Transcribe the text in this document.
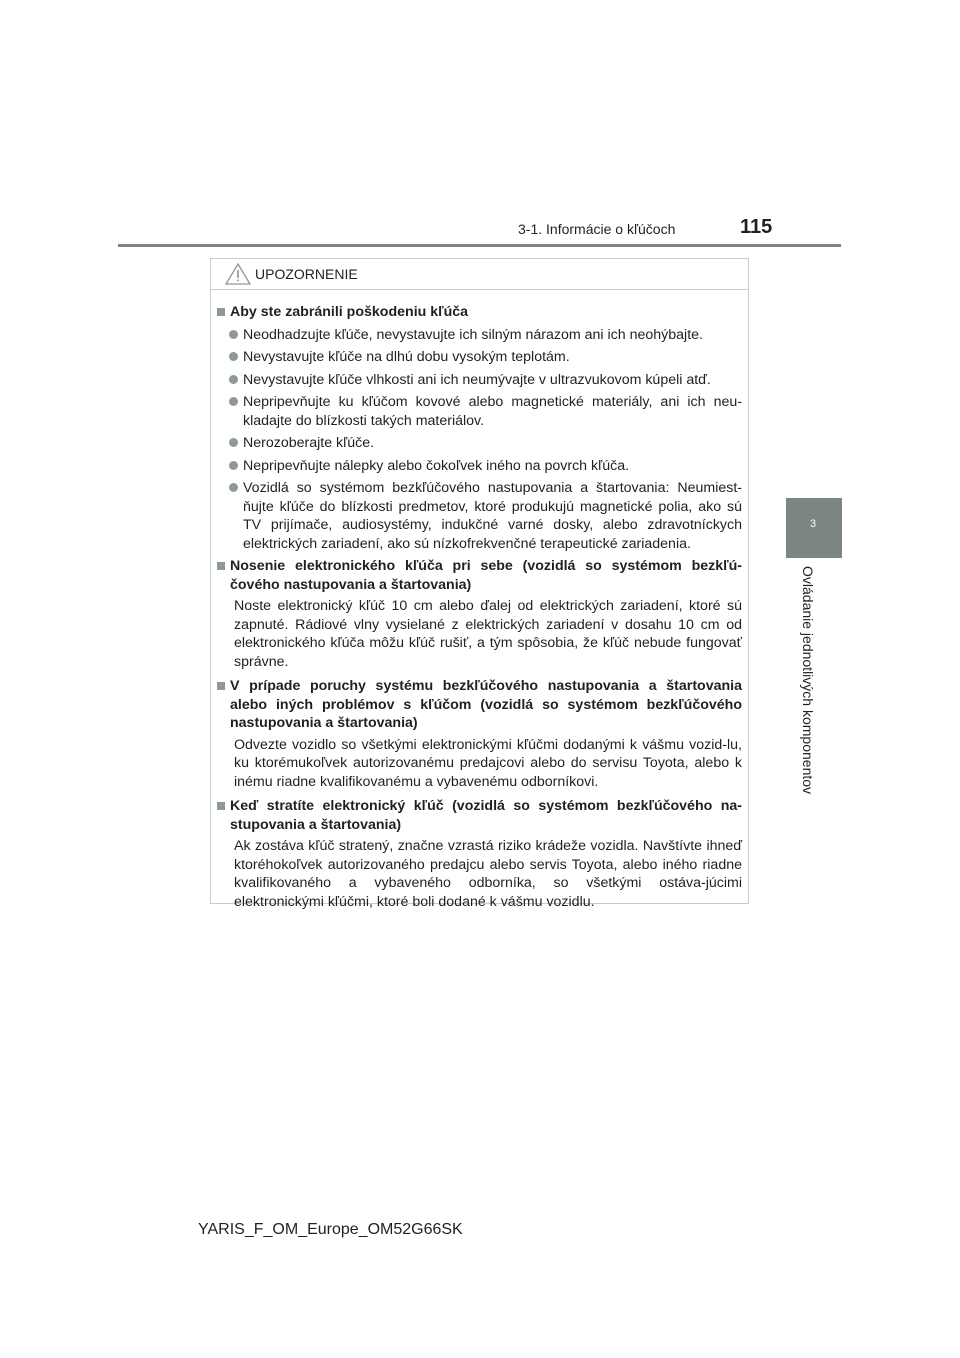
3-1. Informácie o kľúčoch	115
3
Ovládanie jednotlivých komponentov
UPOZORNENIE
Aby ste zabránili poškodeniu kľúča
Neodhadzujte kľúče, nevystavujte ich silným nárazom ani ich neohýbajte.
Nevystavujte kľúče na dlhú dobu vysokým teplotám.
Nevystavujte kľúče vlhkosti ani ich neumývajte v ultrazvukovom kúpeli atď.
Nepripevňujte ku kľúčom kovové alebo magnetické materiály, ani ich neu-kladajte do blízkosti takých materiálov.
Nerozoberajte kľúče.
Nepripevňujte nálepky alebo čokoľvek iného na povrch kľúča.
Vozidlá so systémom bezkľúčového nastupovania a štartovania: Neumiest-ňujte kľúče do blízkosti predmetov, ktoré produkujú magnetické polia, ako sú TV prijímače, audiosystémy, indukčné varné dosky, alebo zdravotníckych elektrických zariadení, ako sú nízkofrekvenčné terapeutické zariadenia.
Nosenie elektronického kľúča pri sebe (vozidlá so systémom bezkľú-čového nastupovania a štartovania)
Noste elektronický kľúč 10 cm alebo ďalej od elektrických zariadení, ktoré sú zapnuté. Rádiové vlny vysielané z elektrických zariadení v dosahu 10 cm od elektronického kľúča môžu kľúč rušiť, a tým spôsobia, že kľúč nebude fungovať správne.
V prípade poruchy systému bezkľúčového nastupovania a štartovania alebo iných problémov s kľúčom (vozidlá so systémom bezkľúčového nastupovania a štartovania)
Odvezte vozidlo so všetkými elektronickými kľúčmi dodanými k vášmu vozid-lu, ku ktorémukoľvek autorizovanému predajcovi alebo do servisu Toyota, alebo k inému riadne kvalifikovanému a vybavenému odborníkovi.
Keď stratíte elektronický kľúč (vozidlá so systémom bezkľúčového na-stupovania a štartovania)
Ak zostáva kľúč stratený, značne vzrastá riziko krádeže vozidla. Navštívte ihneď ktoréhokoľvek autorizovaného predajcu alebo servis Toyota, alebo iného riadne kvalifikovaného a vybaveného odborníka, so všetkými ostáva-júcimi elektronickými kľúčmi, ktoré boli dodané k vášmu vozidlu.
YARIS_F_OM_Europe_OM52G66SK
